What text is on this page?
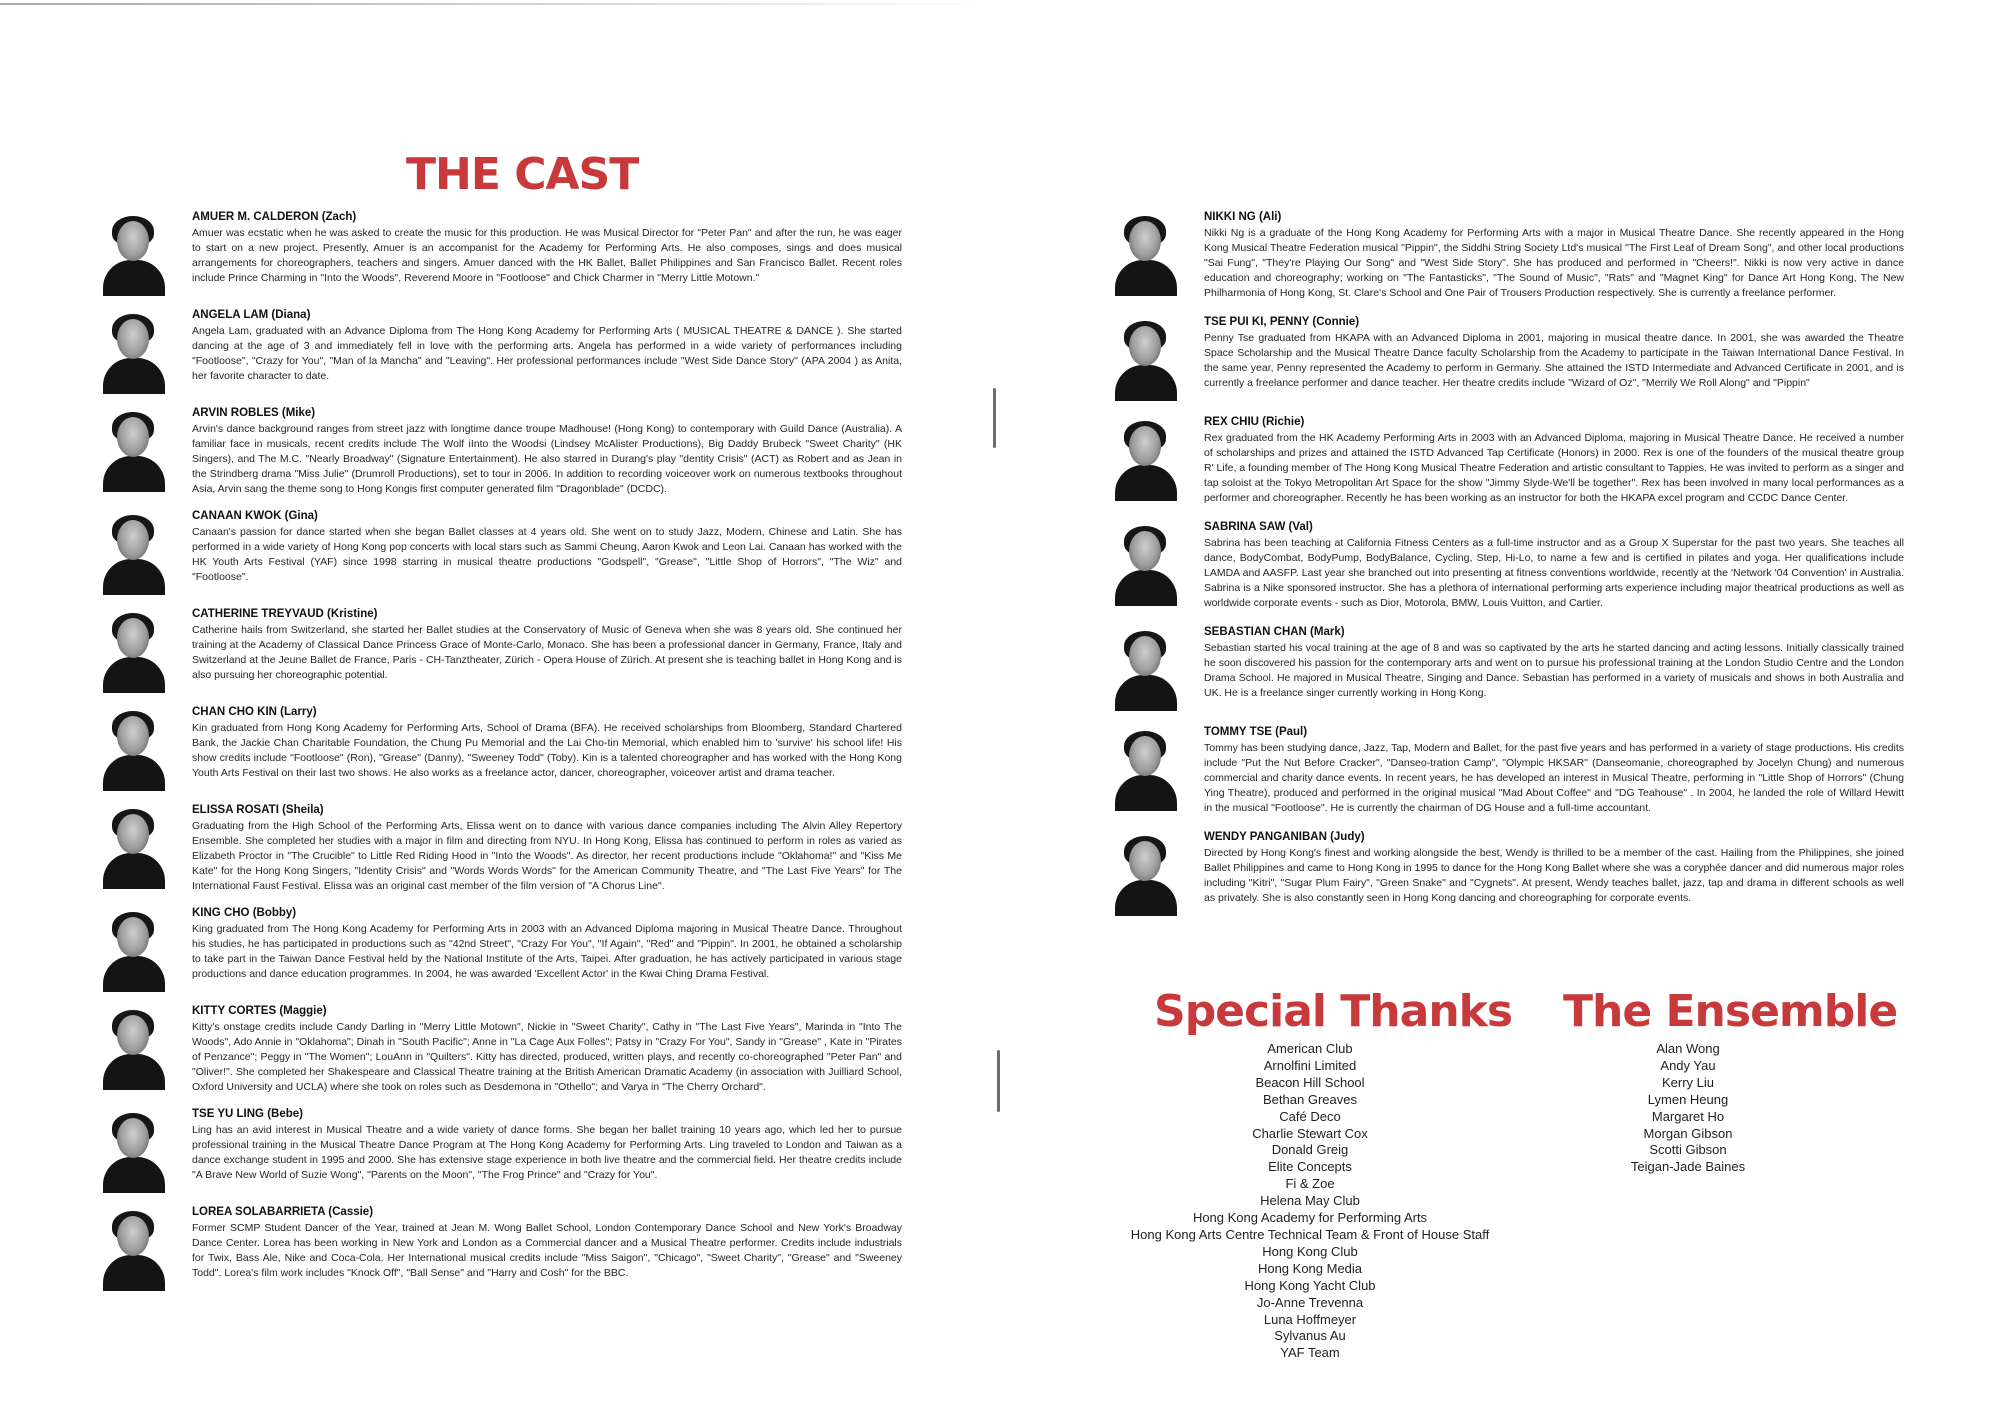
THE CAST

AMUER M. CALDERON (Zach)

Amuer was ecstatic when he was asked to create the music for this production. He was Musical Director for "Peter Pan" and after the run, he was eager to start on a new project. Presently, Amuer is an accompanist for the Academy for Performing Arts. He also composes, sings and does musical arrangements for choreographers, teachers and singers. Amuer danced with the HK Ballet, Ballet Philippines and San Francisco Ballet. Recent roles include Prince Charming in "Into the Woods", Reverend Moore in "Footloose" and Chick Charmer in "Merry Little Motown."

ANGELA LAM (Diana)

Angela Lam, graduated with an Advance Diploma from The Hong Kong Academy for Performing Arts ( MUSICAL THEATRE & DANCE ). She started dancing at the age of 3 and immediately fell in love with the performing arts. Angela has performed in a wide variety of performances including "Footloose", "Crazy for You", "Man of la Mancha" and "Leaving". Her professional performances include "West Side Dance Story" (APA 2004 ) as Anita, her favorite character to date.

ARVIN ROBLES (Mike)

Arvin's dance background ranges from street jazz with longtime dance troupe Madhouse! (Hong Kong) to contemporary with Guild Dance (Australia). A familiar face in musicals, recent credits include The Wolf iInto the Woodsi (Lindsey McAlister Productions), Big Daddy Brubeck "Sweet Charity" (HK Singers), and The M.C. "Nearly Broadway" (Signature Entertainment). He also starred in Durang's play "dentity Crisis" (ACT) as Robert and as Jean in the Strindberg drama "Miss Julie" (Drumroll Productions), set to tour in 2006. In addition to recording voiceover work on numerous textbooks throughout Asia, Arvin sang the theme song to Hong Kongis first computer generated film "Dragonblade" (DCDC).

CANAAN KWOK (Gina)

Canaan's passion for dance started when she began Ballet classes at 4 years old. She went on to study Jazz, Modern, Chinese and Latin. She has performed in a wide variety of Hong Kong pop concerts with local stars such as Sammi Cheung, Aaron Kwok and Leon Lai. Canaan has worked with the HK Youth Arts Festival (YAF) since 1998 starring in musical theatre productions "Godspell", "Grease", "Little Shop of Horrors", "The Wiz" and "Footloose".

CATHERINE TREYVAUD (Kristine)

Catherine hails from Switzerland, she started her Ballet studies at the Conservatory of Music of Geneva when she was 8 years old. She continued her training at the Academy of Classical Dance Princess Grace of Monte-Carlo, Monaco. She has been a professional dancer in Germany, France, Italy and Switzerland at the Jeune Ballet de France, Paris - CH-Tanztheater, Zürich - Opera House of Zürich. At present she is teaching ballet in Hong Kong and is also pursuing her choreographic potential.

CHAN CHO KIN (Larry)

Kin graduated from Hong Kong Academy for Performing Arts, School of Drama (BFA). He received scholarships from Bloomberg, Standard Chartered Bank, the Jackie Chan Charitable Foundation, the Chung Pu Memorial and the Lai Cho-tin Memorial, which enabled him to 'survive' his school life! His show credits include "Footloose" (Ron), "Grease" (Danny), "Sweeney Todd" (Toby). Kin is a talented choreographer and has worked with the Hong Kong Youth Arts Festival on their last two shows. He also works as a freelance actor, dancer, choreographer, voiceover artist and drama teacher.

ELISSA ROSATI (Sheila)

Graduating from the High School of the Performing Arts, Elissa went on to dance with various dance companies including The Alvin Alley Repertory Ensemble. She completed her studies with a major in film and directing from NYU. In Hong Kong, Elissa has continued to perform in roles as varied as Elizabeth Proctor in "The Crucible" to Little Red Riding Hood in "Into the Woods". As director, her recent productions include "Oklahoma!" and "Kiss Me Kate" for the Hong Kong Singers, "Identity Crisis" and "Words Words Words" for the American Community Theatre, and "The Last Five Years" for The International Faust Festival. Elissa was an original cast member of the film version of "A Chorus Line".

KING CHO (Bobby)

King graduated from The Hong Kong Academy for Performing Arts in 2003 with an Advanced Diploma majoring in Musical Theatre Dance. Throughout his studies, he has participated in productions such as "42nd Street", "Crazy For You", "If Again", "Red" and "Pippin". In 2001, he obtained a scholarship to take part in the Taiwan Dance Festival held by the National Institute of the Arts, Taipei. After graduation, he has actively participated in various stage productions and dance education programmes. In 2004, he was awarded 'Excellent Actor' in the Kwai Ching Drama Festival.

KITTY CORTES (Maggie)

Kitty's onstage credits include Candy Darling in "Merry Little Motown", Nickie in "Sweet Charity", Cathy in "The Last Five Years", Marinda in "Into The Woods", Ado Annie in "Oklahoma"; Dinah in "South Pacific"; Anne in "La Cage Aux Folles"; Patsy in "Crazy For You", Sandy in "Grease" , Kate in "Pirates of Penzance"; Peggy in "The Women"; LouAnn in "Quilters". Kitty has directed, produced, written plays, and recently co-choreographed "Peter Pan" and "Oliver!". She completed her Shakespeare and Classical Theatre training at the British American Dramatic Academy (in association with Juilliard School, Oxford University and UCLA) where she took on roles such as Desdemona in "Othello"; and Varya in "The Cherry Orchard".

TSE YU LING (Bebe)

Ling has an avid interest in Musical Theatre and a wide variety of dance forms. She began her ballet training 10 years ago, which led her to pursue professional training in the Musical Theatre Dance Program at The Hong Kong Academy for Performing Arts. Ling traveled to London and Taiwan as a dance exchange student in 1995 and 2000. She has extensive stage experience in both live theatre and the commercial field. Her theatre credits include "A Brave New World of Suzie Wong", "Parents on the Moon", "The Frog Prince" and "Crazy for You".

LOREA SOLABARRIETA (Cassie)

Former SCMP Student Dancer of the Year, trained at Jean M. Wong Ballet School, London Contemporary Dance School and New York's Broadway Dance Center. Lorea has been working in New York and London as a Commercial dancer and a Musical Theatre performer. Credits include industrials for Twix, Bass Ale, Nike and Coca-Cola. Her International musical credits include "Miss Saigon", "Chicago", "Sweet Charity", "Grease" and "Sweeney Todd". Lorea's film work includes "Knock Off", "Ball Sense" and "Harry and Cosh" for the BBC.

NIKKI NG (Ali)

Nikki Ng is a graduate of the Hong Kong Academy for Performing Arts with a major in Musical Theatre Dance. She recently appeared in the Hong Kong Musical Theatre Federation musical "Pippin", the Siddhi String Society Ltd's musical "The First Leaf of Dream Song", and other local productions "Sai Fung", "They're Playing Our Song" and "West Side Story". She has produced and performed in "Cheers!". Nikki is now very active in dance education and choreography; working on "The Fantasticks", "The Sound of Music", "Rats" and "Magnet King" for Dance Art Hong Kong, The New Philharmonia of Hong Kong, St. Clare's School and One Pair of Trousers Production respectively. She is currently a freelance performer.

TSE PUI KI, PENNY (Connie)

Penny Tse graduated from HKAPA with an Advanced Diploma in 2001, majoring in musical theatre dance. In 2001, she was awarded the Theatre Space Scholarship and the Musical Theatre Dance faculty Scholarship from the Academy to participate in the Taiwan International Dance Festival. In the same year, Penny represented the Academy to perform in Germany. She attained the ISTD Intermediate and Advanced Certificate in 2001, and is currently a freelance performer and dance teacher. Her theatre credits include "Wizard of Oz", "Merrily We Roll Along" and "Pippin"

REX CHIU (Richie)

Rex graduated from the HK Academy Performing Arts in 2003 with an Advanced Diploma, majoring in Musical Theatre Dance. He received a number of scholarships and prizes and attained the ISTD Advanced Tap Certificate (Honors) in 2000. Rex is one of the founders of the musical theatre group R' Life, a founding member of The Hong Kong Musical Theatre Federation and artistic consultant to Tappies. He was invited to perform as a singer and tap soloist at the Tokyo Metropolitan Art Space for the show "Jimmy Slyde-We'll be together". Rex has been involved in many local performances as a performer and choreographer. Recently he has been working as an instructor for both the HKAPA excel program and CCDC Dance Center.

SABRINA SAW (Val)

Sabrina has been teaching at California Fitness Centers as a full-time instructor and as a Group X Superstar for the past two years. She teaches all dance, BodyCombat, BodyPump, BodyBalance, Cycling, Step, Hi-Lo, to name a few and is certified in pilates and yoga. Her qualifications include LAMDA and AASFP. Last year she branched out into presenting at fitness conventions worldwide, recently at the 'Network '04 Convention' in Australia. Sabrina is a Nike sponsored instructor. She has a plethora of international performing arts experience including major theatrical productions as well as worldwide corporate events - such as Dior, Motorola, BMW, Louis Vuitton, and Cartier.

SEBASTIAN CHAN (Mark)

Sebastian started his vocal training at the age of 8 and was so captivated by the arts he started dancing and acting lessons. Initially classically trained he soon discovered his passion for the contemporary arts and went on to pursue his professional training at the London Studio Centre and the London Drama School. He majored in Musical Theatre, Singing and Dance. Sebastian has performed in a variety of musicals and shows in both Australia and UK. He is a freelance singer currently working in Hong Kong.

TOMMY TSE (Paul)

Tommy has been studying dance, Jazz, Tap, Modern and Ballet, for the past five years and has performed in a variety of stage productions. His credits include "Put the Nut Before Cracker", "Danseo-tration Camp", "Olympic HKSAR" (Danseomanie, choreographed by Jocelyn Chung) and numerous commercial and charity dance events. In recent years, he has developed an interest in Musical Theatre, performing in "Little Shop of Horrors" (Chung Ying Theatre), produced and performed in the original musical "Mad About Coffee" and "DG Teahouse" . In 2004, he landed the role of Willard Hewitt in the musical "Footloose". He is currently the chairman of DG House and a full-time accountant.

WENDY PANGANIBAN (Judy)

Directed by Hong Kong's finest and working alongside the best, Wendy is thrilled to be a member of the cast. Hailing from the Philippines, she joined Ballet Philippines and came to Hong Kong in 1995 to dance for the Hong Kong Ballet where she was a coryphée dancer and did numerous major roles including "Kitri", "Sugar Plum Fairy", "Green Snake" and "Cygnets". At present, Wendy teaches ballet, jazz, tap and drama in different schools as well as privately. She is also constantly seen in Hong Kong dancing and choreographing for corporate events.

Special Thanks
American Club
Arnolfini Limited
Beacon Hill School
Bethan Greaves
Café Deco
Charlie Stewart Cox
Donald Greig
Elite Concepts
Fi & Zoe
Helena May Club
Hong Kong Academy for Performing Arts
Hong Kong Arts Centre Technical Team & Front of House Staff
Hong Kong Club
Hong Kong Media
Hong Kong Yacht Club
Jo-Anne Trevenna
Luna Hoffmeyer
Sylvanus Au
YAF Team
The Ensemble
Alan Wong
Andy Yau
Kerry Liu
Lymen Heung
Margaret Ho
Morgan Gibson
Scotti Gibson
Teigan-Jade Baines
